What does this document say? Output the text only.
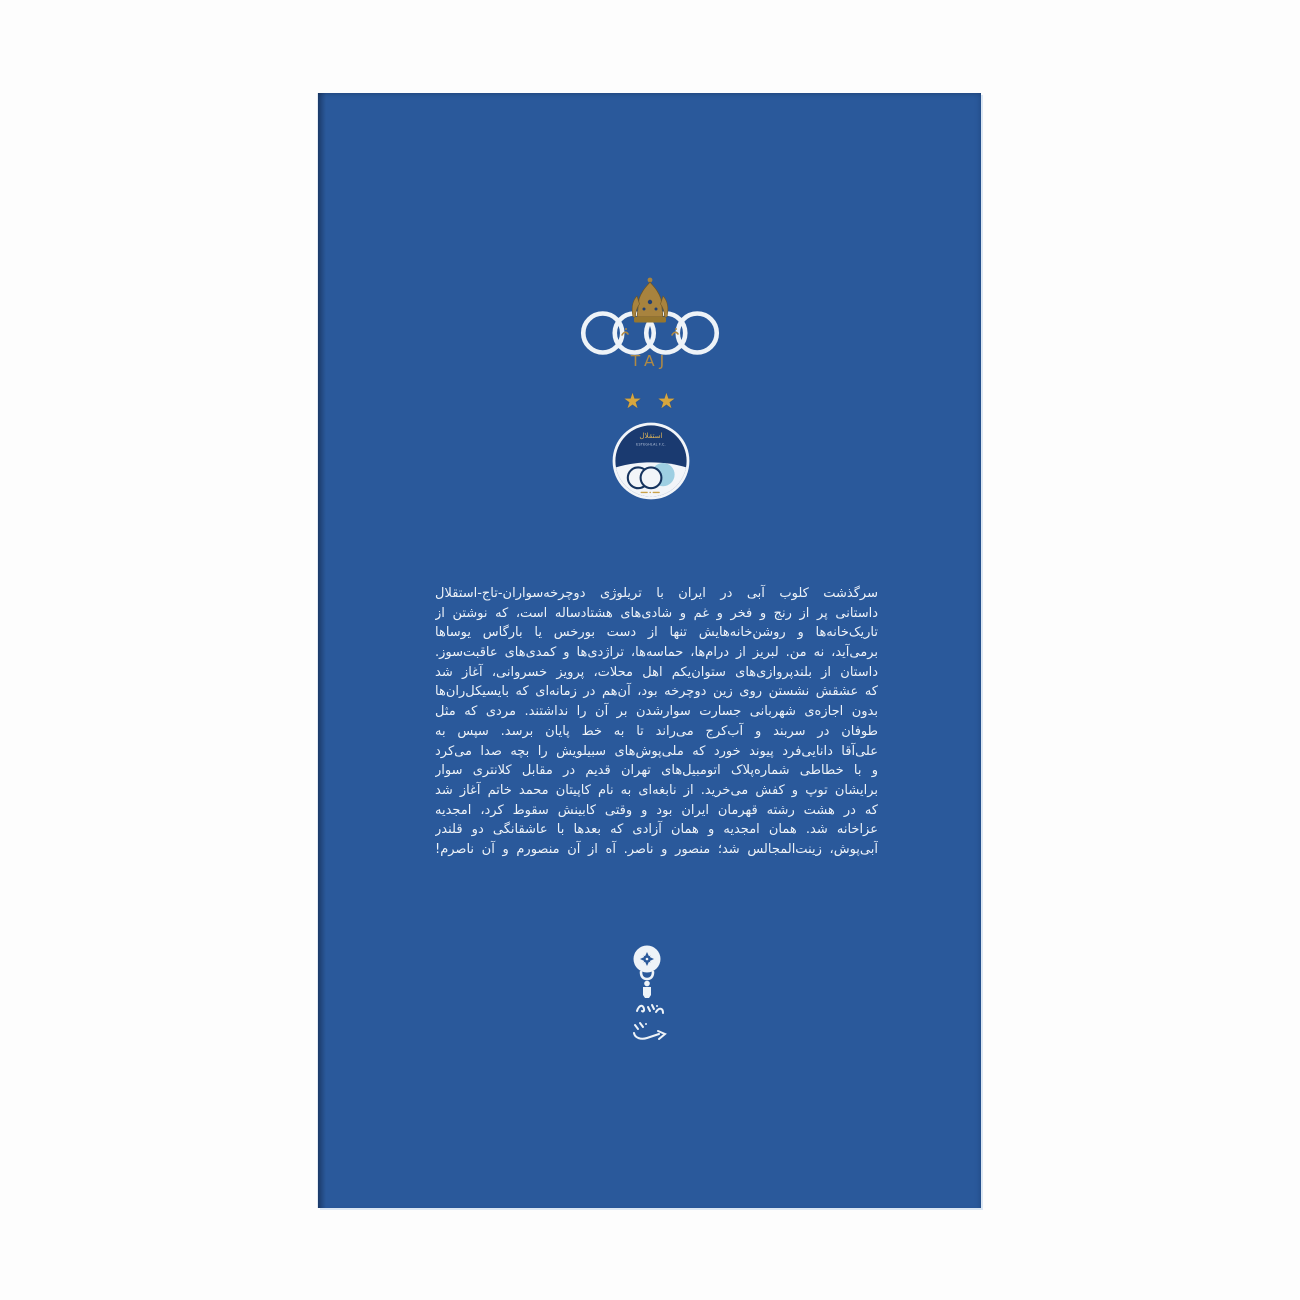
TAJ
★ ★
استقلال
ESTEGHLAL F.C.
سرگذشت کلوب آبی در ایران با تریلوژی دوچرخه‌سواران-تاج-استقلال
داستانی پر از رنج و فخر و غم و شادی‌های هشتادساله است، که نوشتن از
تاریک‌خانه‌ها و روشن‌خانه‌هایش تنها از دست بورخس یا بارگاس یوساها
برمی‌آید، نه من. لبریز از درام‌ها، حماسه‌ها، تراژدی‌ها و کمدی‌های عاقبت‌سوز.
داستان از بلندپروازی‌های ستوان‌یکم اهل محلات، پرویز خسروانی، آغاز شد
که عشقش نشستن روی زین دوچرخه بود، آن‌هم در زمانه‌ای که بایسیکل‌ران‌ها
بدون اجازه‌ی شهربانی جسارت سوارشدن بر آن را نداشتند. مردی که مثل
طوفان در سربند و آب‌کرج می‌راند تا به خط پایان برسد. سپس به
علی‌آقا دانایی‌فرد پیوند خورد که ملی‌پوش‌های سبیلویش را بچه صدا می‌کرد
و با خطاطی شماره‌پلاک اتومبیل‌های تهران قدیم در مقابل کلانتری سوار
برایشان توپ و کفش می‌خرید. از نابغه‌ای به نام کاپیتان محمد خاتم آغاز شد
که در هشت رشته قهرمان ایران بود و وقتی کابینش سقوط کرد، امجدیه
عزاخانه شد. همان امجدیه و همان آزادی که بعدها با عاشقانگی دو قلندر
آبی‌پوش، زینت‌المجالس شد؛ منصور و ناصر. آه از آن منصورم و آن ناصرم!
